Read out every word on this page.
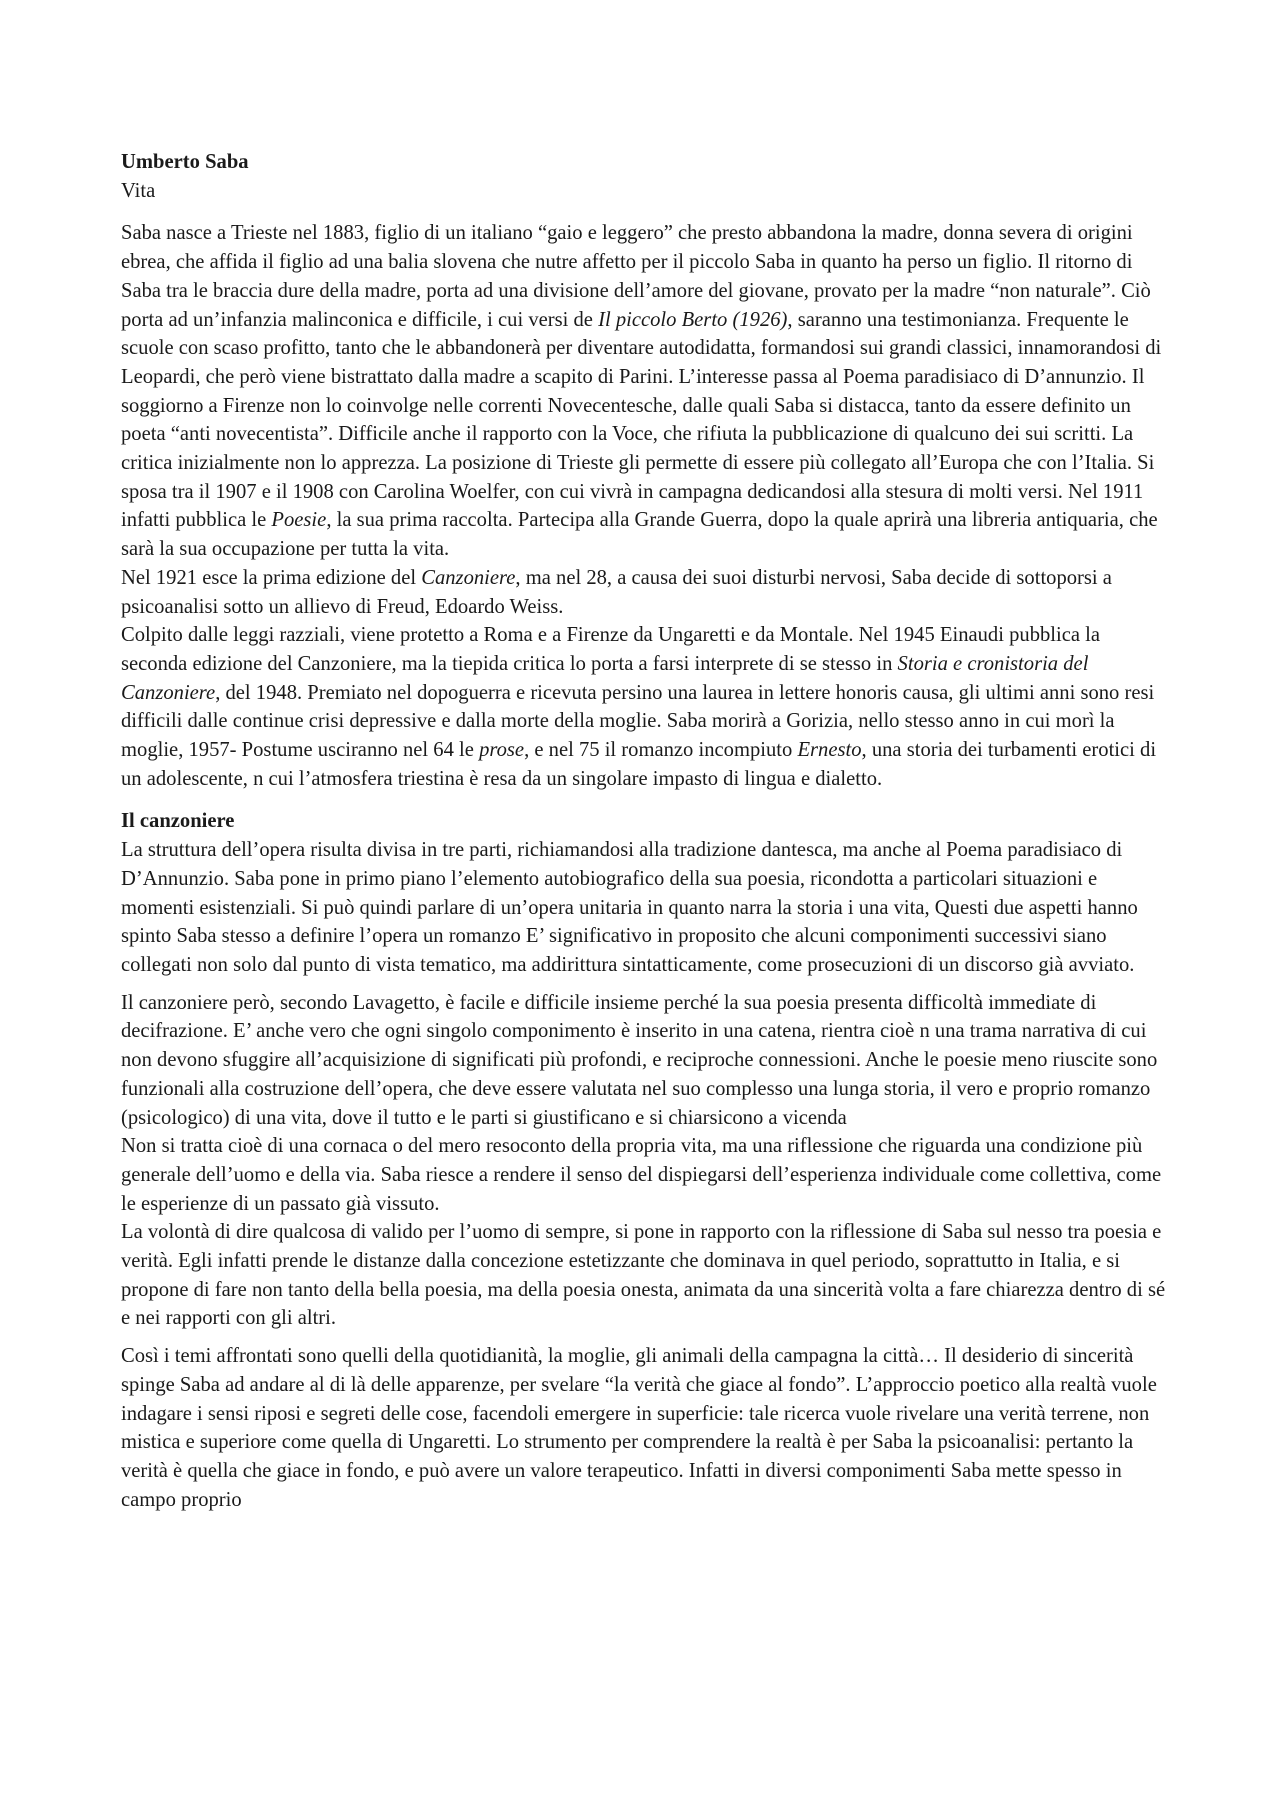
Umberto Saba

Vita

Saba nasce a Trieste nel 1883, figlio di un italiano “gaio e leggero” che presto abbandona la madre, donna severa di origini ebrea, che affida il figlio ad una balia slovena che nutre affetto per il piccolo Saba in quanto ha perso un figlio. Il ritorno di Saba tra le braccia dure della madre, porta ad una divisione dell’amore del giovane, provato per la madre “non naturale”. Ciò porta ad un’infanzia malinconica e difficile, i cui versi de Il piccolo Berto (1926), saranno una testimonianza. Frequente le scuole con scaso profitto, tanto che le abbandonerà per diventare autodidatta, formandosi sui grandi classici, innamorandosi di Leopardi, che però viene bistrattato dalla madre a scapito di Parini. L’interesse passa al Poema paradisiaco di D’annunzio. Il soggiorno a Firenze non lo coinvolge nelle correnti Novecentesche, dalle quali Saba si distacca, tanto da essere definito un poeta “anti novecentista”. Difficile anche il rapporto con la Voce, che rifiuta la pubblicazione di qualcuno dei sui scritti. La critica inizialmente non lo apprezza. La posizione di Trieste gli permette di essere più collegato all’Europa che con l’Italia. Si sposa tra il 1907 e il 1908 con Carolina Woelfer, con cui vivrà in campagna dedicandosi alla stesura di molti versi. Nel 1911 infatti pubblica le Poesie, la sua prima raccolta. Partecipa alla Grande Guerra, dopo la quale aprirà una libreria antiquaria, che sarà la sua occupazione per tutta la vita.

Nel 1921 esce la prima edizione del Canzoniere, ma nel 28, a causa dei suoi disturbi nervosi, Saba decide di sottoporsi a psicoanalisi sotto un allievo di Freud, Edoardo Weiss.

Colpito dalle leggi razziali, viene protetto a Roma e a Firenze da Ungaretti e da Montale. Nel 1945 Einaudi pubblica la seconda edizione del Canzoniere, ma la tiepida critica lo porta a farsi interprete di se stesso in Storia e cronistoria del Canzoniere, del 1948. Premiato nel dopoguerra e ricevuta persino una laurea in lettere honoris causa, gli ultimi anni sono resi difficili dalle continue crisi depressive e dalla morte della moglie. Saba morirà a Gorizia, nello stesso anno in cui morì la moglie, 1957- Postume usciranno nel 64 le prose, e nel 75 il romanzo incompiuto Ernesto, una storia dei turbamenti erotici di un adolescente, n cui l’atmosfera triestina è resa da un singolare impasto di lingua e dialetto.

Il canzoniere

La struttura dell’opera risulta divisa in tre parti, richiamandosi alla tradizione dantesca, ma anche al Poema paradisiaco di D’Annunzio. Saba pone in primo piano l’elemento autobiografico della sua poesia, ricondotta a particolari situazioni e momenti esistenziali. Si può quindi parlare di un’opera unitaria in quanto narra la storia i una vita, Questi due aspetti hanno spinto Saba stesso a definire l’opera un romanzo E’ significativo in proposito che alcuni componimenti successivi siano collegati non solo dal punto di vista tematico, ma addirittura sintatticamente, come prosecuzioni di un discorso già avviato.

Il canzoniere però, secondo Lavagetto, è facile e difficile insieme perché la sua poesia presenta difficoltà immediate di decifrazione. E’ anche vero che ogni singolo componimento è inserito in una catena, rientra cioè n una trama narrativa di cui non devono sfuggire all’acquisizione di significati più profondi, e reciproche connessioni. Anche le poesie meno riuscite sono funzionali alla costruzione dell’opera, che deve essere valutata nel suo complesso una lunga storia, il vero e proprio romanzo (psicologico) di una vita, dove il tutto e le parti si giustificano e si chiarsicono a vicenda

Non si tratta cioè di una cornaca o del mero resoconto della propria vita, ma una riflessione che riguarda una condizione più generale dell’uomo e della via. Saba riesce a rendere il senso del dispiegarsi dell’esperienza individuale come collettiva, come le esperienze di un passato già vissuto.

La volontà di dire qualcosa di valido per l’uomo di sempre, si pone in rapporto con la riflessione di Saba sul nesso tra poesia e verità. Egli infatti prende le distanze dalla concezione estetizzante che dominava in quel periodo, soprattutto in Italia, e si propone di fare non tanto della bella poesia, ma della poesia onesta, animata da una sincerità volta a fare chiarezza dentro di sé e nei rapporti con gli altri.

Così i temi affrontati sono quelli della quotidianità, la moglie, gli animali della campagna la città… Il desiderio di sincerità spinge Saba ad andare al di là delle apparenze, per svelare “la verità che giace al fondo”. L’approccio poetico alla realtà vuole indagare i sensi riposi e segreti delle cose, facendoli emergere in superficie: tale ricerca vuole rivelare una verità terrene, non mistica e superiore come quella di Ungaretti. Lo strumento per comprendere la realtà è per Saba la psicoanalisi: pertanto la verità è quella che giace in fondo, e può avere un valore terapeutico. Infatti in diversi componimenti Saba mette spesso in campo proprio
